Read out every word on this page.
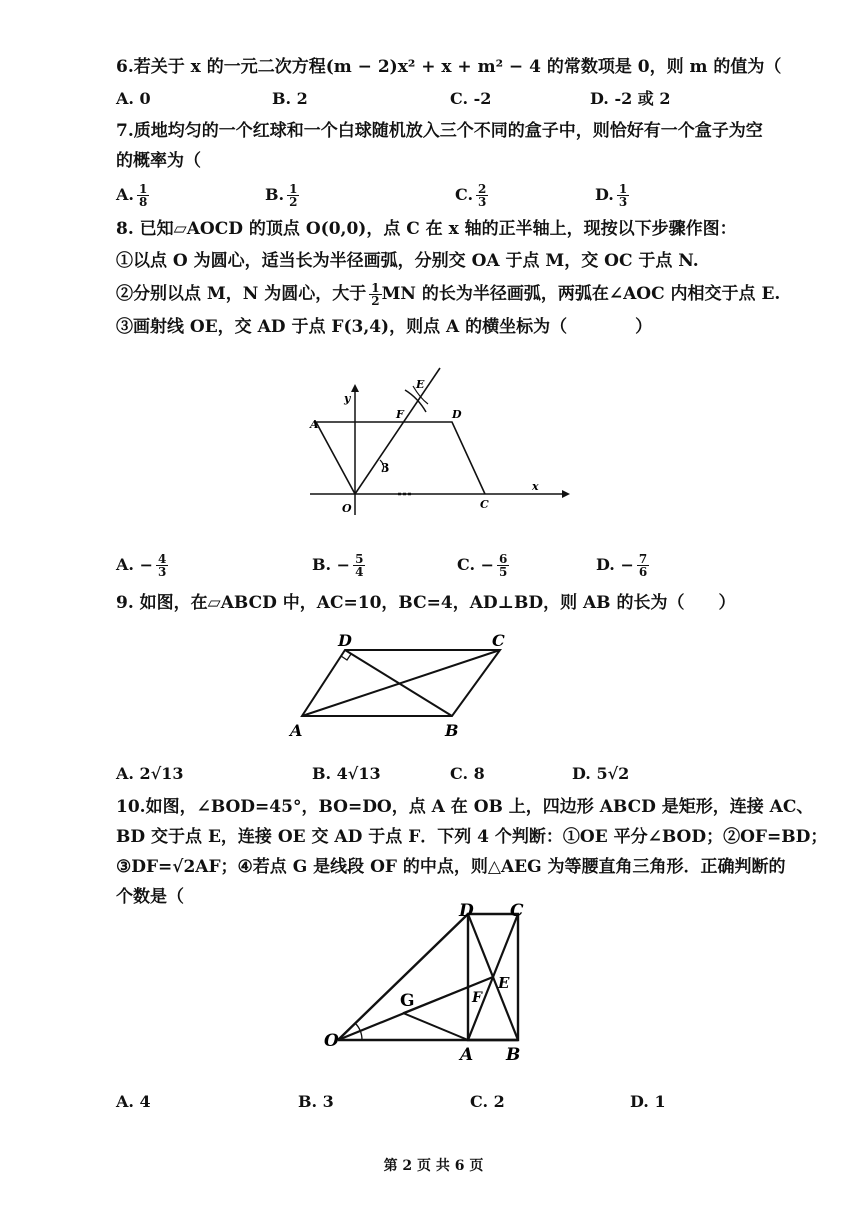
6.若关于 x 的一元二次方程(m − 2)x² + x + m² − 4 的常数项是 0，则 m 的值为（
A. 0	B. 2	C. -2	D. -2 或 2
7.质地均匀的一个红球和一个白球随机放入三个不同的盒子中，则恰好有一个盒子为空
的概率为（
A. $\frac{1}{8}$	B. $\frac{1}{2}$	C. $\frac{2}{3}$	D. $\frac{1}{3}$
8. 已知▱AOCD 的顶点 O(0,0)，点 C 在 x 轴的正半轴上，现按以下步骤作图：
①以点 O 为圆心，适当长为半径画弧，分别交 OA 于点 M，交 OC 于点 N.
②分别以点 M，N 为圆心，大于 $\frac{1}{2}$ MN 的长为半径画弧，两弧在∠AOC 内相交于点 E.
③画射线 OE，交 AD 于点 F(3,4)，则点 A 的横坐标为（　　　　）
A
D
F
E
O	C
x
y
3
A. − $\frac{4}{3}$	B. − $\frac{5}{4}$	C. − $\frac{6}{5}$	D. − $\frac{7}{6}$
9. 如图，在▱ABCD 中，AC=10，BC=4，AD⊥BD，则 AB 的长为（　　）
A	B
C
D
A. 2√13	B. 4√13	C. 8	D. 5√2
10.如图，∠BOD=45°，BO=DO，点 A 在 OB 上，四边形 ABCD 是矩形，连接 AC、
BD 交于点 E，连接 OE 交 AD 于点 F．下列 4 个判断：①OE 平分∠BOD；②OF=BD；
③DF=√2AF；④若点 G 是线段 OF 的中点，则△AEG 为等腰直角三角形．正确判断的
个数是（
O
A B
C
D
E
F
G
A. 4	B. 3	C. 2	D. 1
第 2 页 共 6 页
